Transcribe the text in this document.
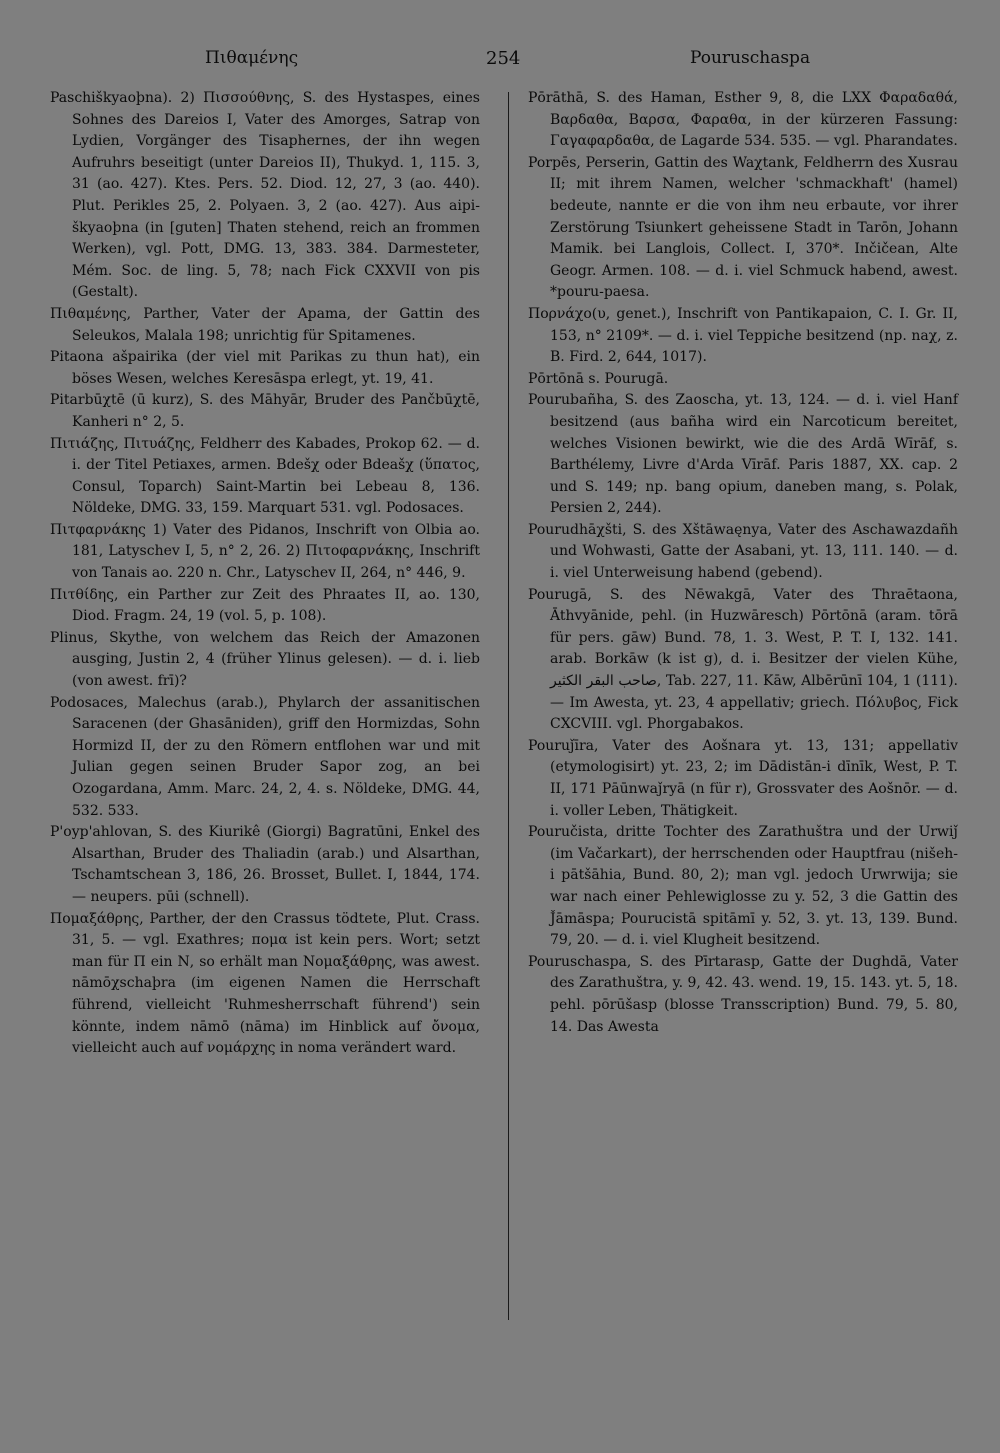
Πιθαμένης	254	Pouruschaspa

Paschiškyaoþna). 2) Πισσούθνης, S. des Hystaspes, eines Sohnes des Dareios I, Vater des Amorges, Satrap von Lydien, Vorgänger des Tisaphernes, der ihn wegen Aufruhrs beseitigt (unter Dareios II), Thukyd. 1, 115. 3, 31 (ao. 427). Ktes. Pers. 52. Diod. 12, 27, 3 (ao. 440). Plut. Perikles 25, 2. Polyaen. 3, 2 (ao. 427). Aus aipi-škyaoþna (in [guten] Thaten stehend, reich an frommen Werken), vgl. Pott, DMG. 13, 383. 384. Darmesteter, Mém. Soc. de ling. 5, 78; nach Fick CXXVII von pis (Gestalt).

Πιθαμένης, Parther, Vater der Apama, der Gattin des Seleukos, Malala 198; unrichtig für Spitamenes.

Pitaona ašpairika (der viel mit Parikas zu thun hat), ein böses Wesen, welches Keresāspa erlegt, yt. 19, 41.

Pitarbūχtē (ū kurz), S. des Māhyār, Bruder des Pančbūχtē, Kanheri n° 2, 5.

Πιτιάζης, Πιτυάζης, Feldherr des Kabades, Prokop 62. — d. i. der Titel Petiaxes, armen. Bdešχ oder Bdeašχ (ὕπατος, Consul, Toparch) Saint-Martin bei Lebeau 8, 136. Nöldeke, DMG. 33, 159. Marquart 531. vgl. Podosaces.

Πιτφαρνάκης 1) Vater des Pidanos, Inschrift von Olbia ao. 181, Latyschev I, 5, n° 2, 26. 2) Πιτοφαρνάκης, Inschrift von Tanais ao. 220 n. Chr., Latyschev II, 264, n° 446, 9.

Πιτθίδης, ein Parther zur Zeit des Phraates II, ao. 130, Diod. Fragm. 24, 19 (vol. 5, p. 108).

Plinus, Skythe, von welchem das Reich der Amazonen ausging, Justin 2, 4 (früher Ylinus gelesen). — d. i. lieb (von awest. frī)?

Podosaces, Malechus (arab.), Phylarch der assanitischen Saracenen (der Ghasāniden), griff den Hormizdas, Sohn Hormizd II, der zu den Römern entflohen war und mit Julian gegen seinen Bruder Sapor zog, an bei Ozogardana, Amm. Marc. 24, 2, 4. s. Nöldeke, DMG. 44, 532. 533.

P'oyp'ahlovan, S. des Kiurikê (Giorgi) Bagratūni, Enkel des Alsarthan, Bruder des Thaliadin (arab.) und Alsarthan, Tschamtschean 3, 186, 26. Brosset, Bullet. I, 1844, 174. — neupers. pūi (schnell).

Πομαξάθρης, Parther, der den Crassus tödtete, Plut. Crass. 31, 5. — vgl. Exathres; πομα ist kein pers. Wort; setzt man für Π ein Ν, so erhält man Νομαξάθρης, was awest. nāmōχschaþra (im eigenen Namen die Herrschaft führend, vielleicht 'Ruhmesherrschaft führend') sein könnte, indem nāmō (nāma) im Hinblick auf ὄνομα, vielleicht auch auf νομάρχης in noma verändert ward.

Pōrāthā, S. des Haman, Esther 9, 8, die LXX Φαραδαθά, Βαρδαθα, Βαρσα, Φαραθα, in der kürzeren Fassung: Γαγαφαρδαθα, de Lagarde 534. 535. — vgl. Pharandates.

Porpēs, Perserin, Gattin des Waχtank, Feldherrn des Xusrau II; mit ihrem Namen, welcher 'schmackhaft' (hamel) bedeute, nannte er die von ihm neu erbaute, vor ihrer Zerstörung Tsiunkert geheissene Stadt in Tarōn, Johann Mamik. bei Langlois, Collect. I, 370*. Inčičean, Alte Geogr. Armen. 108. — d. i. viel Schmuck habend, awest. *pouru-paesa.

Πορνάχο(υ, genet.), Inschrift von Pantikapaion, C. I. Gr. II, 153, n° 2109*. — d. i. viel Teppiche besitzend (np. naχ, z. B. Fird. 2, 644, 1017).

Pōrtōnā s. Pourugā.

Pourubañha, S. des Zaoscha, yt. 13, 124. — d. i. viel Hanf besitzend (aus bañha wird ein Narcoticum bereitet, welches Visionen bewirkt, wie die des Ardā Wīrāf, s. Barthélemy, Livre d'Arda Vīrāf. Paris 1887, XX. cap. 2 und S. 149; np. bang opium, daneben mang, s. Polak, Persien 2, 244).

Pourudhāχšti, S. des Xštāwaęnya, Vater des Aschawazdañh und Wohwasti, Gatte der Asabani, yt. 13, 111. 140. — d. i. viel Unterweisung habend (gebend).

Pourugā, S. des Nēwakgā, Vater des Thraētaona, Āthvyānide, pehl. (in Huzwāresch) Pōrtōnā (aram. tōrā für pers. gāw) Bund. 78, 1. 3. West, P. T. I, 132. 141. arab. Borkāw (k ist g), d. i. Besitzer der vielen Kühe, صاحب البقر الكثير, Tab. 227, 11. Kāw, Albērūnī 104, 1 (111). — Im Awesta, yt. 23, 4 appellativ; griech. Πόλυβος, Fick CXCVIII. vgl. Phorgabakos.

Pouruǰīra, Vater des Aošnara yt. 13, 131; appellativ (etymologisirt) yt. 23, 2; im Dādistān-i dīnīk, West, P. T. II, 171 Pāūnwaǰryā (n für r), Grossvater des Aošnōr. — d. i. voller Leben, Thätigkeit.

Pouručista, dritte Tochter des Zarathuštra und der Urwiǰ (im Vačarkart), der herrschenden oder Hauptfrau (nišeh-i pātšāhia, Bund. 80, 2); man vgl. jedoch Urwrwija; sie war nach einer Pehlewiglosse zu y. 52, 3 die Gattin des J̌āmāspa; Pourucistā spitāmī y. 52, 3. yt. 13, 139. Bund. 79, 20. — d. i. viel Klugheit besitzend.

Pouruschaspa, S. des Pīrtarasp, Gatte der Dughdā, Vater des Zarathuštra, y. 9, 42. 43. wend. 19, 15. 143. yt. 5, 18. pehl. pōrūšasp (blosse Transscription) Bund. 79, 5. 80, 14. Das Awesta
